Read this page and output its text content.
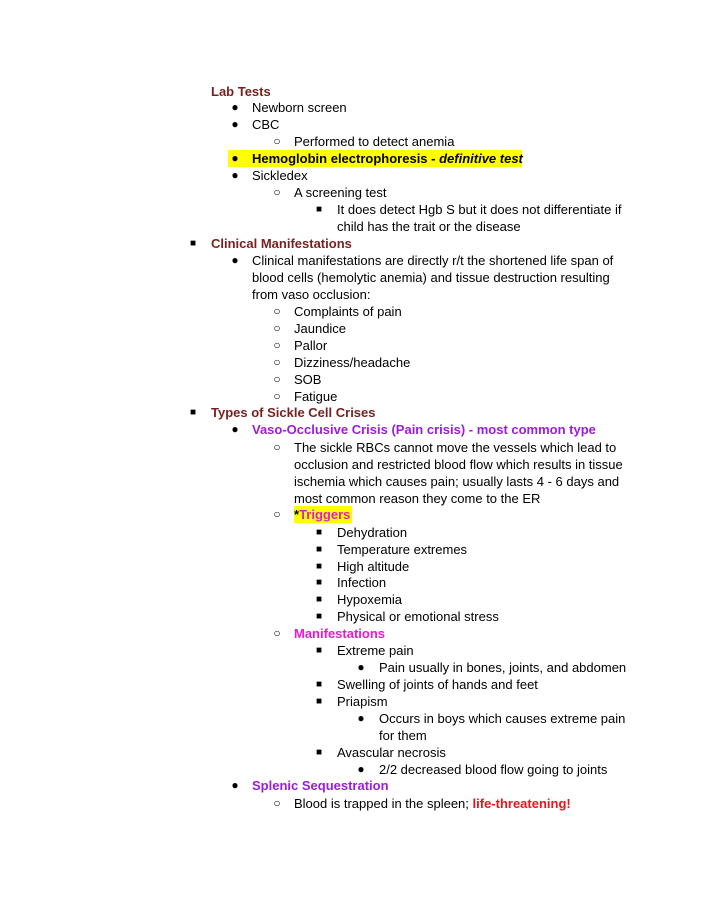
Lab Tests
● Newborn screen
● CBC
○ Performed to detect anemia
● Hemoglobin electrophoresis - definitive test
● Sickledex
○ A screening test
■	It does detect Hgb S but it does not differentiate if
child has the trait or the disease
■	Clinical Manifestations
● Clinical manifestations are directly r/t the shortened life span of
blood cells (hemolytic anemia) and tissue destruction resulting
from vaso occlusion:
○ Complaints of pain
○ Jaundice
○ Pallor
○ Dizziness/headache
○ SOB
○ Fatigue
■	Types of Sickle Cell Crises
● Vaso-Occlusive Crisis (Pain crisis) - most common type
○ The sickle RBCs cannot move the vessels which lead to
occlusion and restricted blood flow which results in tissue
ischemia which causes pain; usually lasts 4 - 6 days and
most common reason they come to the ER
○ *Triggers
■	Dehydration
■	Temperature extremes
■	High altitude
■	Infection
■	Hypoxemia
■	Physical or emotional stress
○ Manifestations
■	Extreme pain
● Pain usually in bones, joints, and abdomen
■	Swelling of joints of hands and feet
■	Priapism
● Occurs in boys which causes extreme pain
for them
■	Avascular necrosis
● 2/2 decreased blood flow going to joints
● Splenic Sequestration
○ Blood is trapped in the spleen; life-threatening!
